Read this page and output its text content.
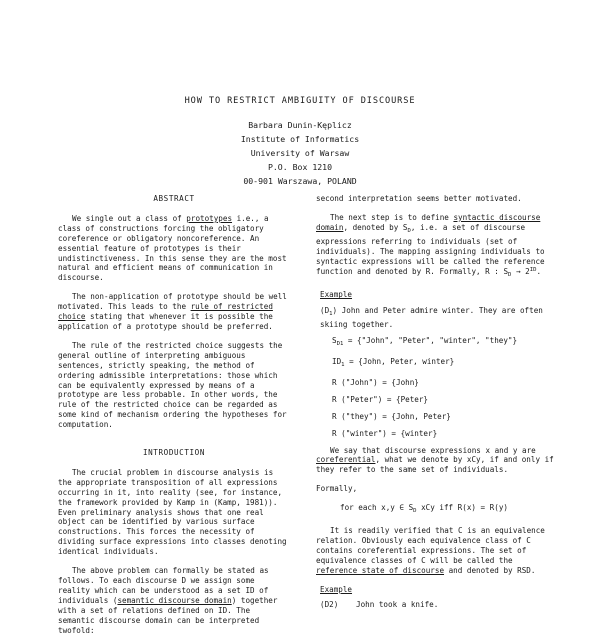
HOW TO RESTRICT AMBIGUITY OF DISCOURSE
Barbara Dunin-Kęplicz
Institute of Informatics
University of Warsaw
P.O. Box 1210
00-901 Warszawa, POLAND
ABSTRACT

We single out a class of prototypes i.e., a class of constructions forcing the obligatory coreference or obligatory noncoreference. An essential feature of prototypes is their undistinctiveness. In this sense they are the most natural and efficient means of communication in discourse.

The non-application of prototype should be well motivated. This leads to the rule of restricted choice stating that whenever it is possible the application of a prototype should be preferred.

The rule of the restricted choice suggests the general outline of interpreting ambiguous sentences, strictly speaking, the method of ordering admissible interpretations: those which can be equivalently expressed by means of a prototype are less probable. In other words, the rule of the restricted choice can be regarded as some kind of mechanism ordering the hypotheses for computation.

INTRODUCTION

The crucial problem in discourse analysis is the appropriate transposition of all expressions occurring in it, into reality (see, for instance, the framework provided by Kamp in (Kamp, 1981)). Even preliminary analysis shows that one real object can be identified by various surface constructions. This forces the necessity of dividing surface expressions into classes denoting identical individuals.

The above problem can formally be stated as follows. To each discourse D we assign some reality which can be understood as a set ID of individuals (semantic discourse domain) together with a set of relations defined on ID. The semantic discourse domain can be interpreted twofold:

second interpretation seems better motivated.

The next step is to define syntactic discourse domain, denoted by $S_D$, i.e. a set of discourse expressions referring to individuals (set of individuals). The mapping assigning individuals to syntactic expressions will be called the reference function and denoted by R. Formally, R : $S_D \to 2^{ID}$.

Example
$(D_1)$ John and Peter admire winter. They are often skiing together.
$S_{D1}$ = {"John", "Peter", "winter", "they"}
$ID_1$ = {John, Peter, winter}
R ("John") = {John}
R ("Peter") = {Peter}
R ("they") = {John, Peter}
R ("winter") = {winter}

We say that discourse expressions x and y are coreferential, what we denote by xCy, if and only if they refer to the same set of individuals.

Formally,

for each x,y ∈ $S_D$ xCy iff R(x) = R(y)

It is readily verified that C is an equivalence relation. Obviously each equivalence class of C contains coreferential expressions. The set of equivalence classes of C will be called the reference state of discourse and denoted by RSD.

Example
(D2) John took a knife.
